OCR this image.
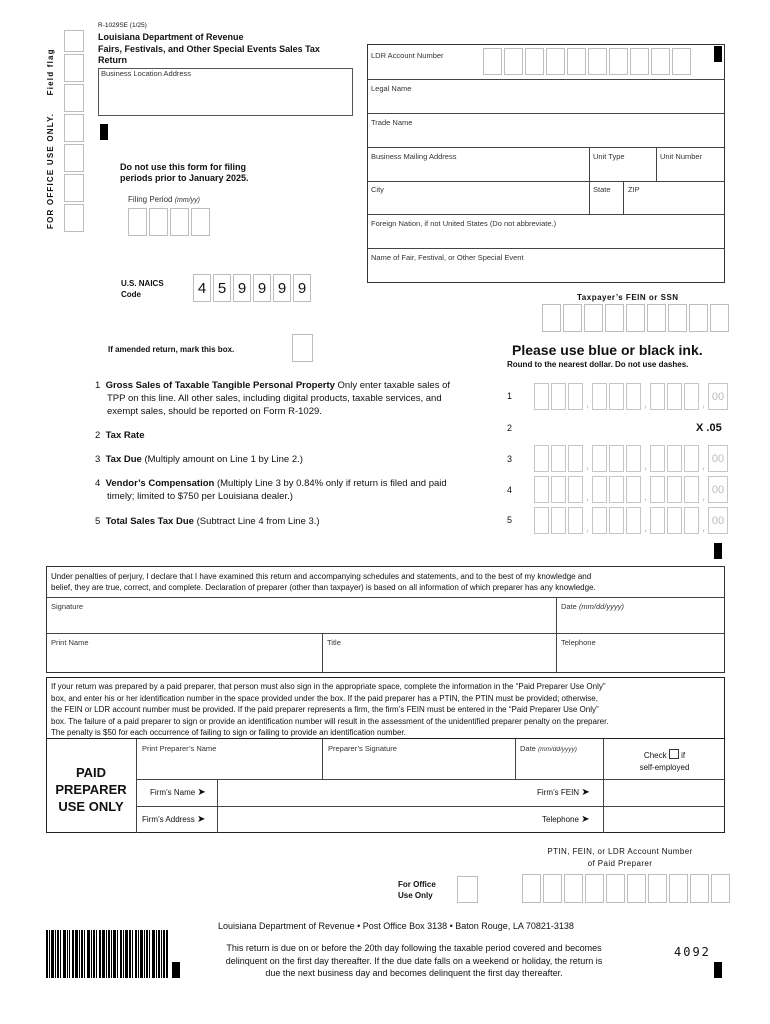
FOR OFFICE USE ONLY. Field flag
R-1029SE (1/25)
Louisiana Department of Revenue
Fairs, Festivals, and Other Special Events Sales Tax
Return
Business Location Address
Do not use this form for filing
periods prior to January 2025.
Filing Period (mm/yy)
LDR Account Number
Legal Name
Trade Name
Business Mailing Address	Unit Type	Unit Number
City	State ZIP
Foreign Nation, if not United States (Do not abbreviate.)
Name of Fair, Festival, or Other Special Event
U.S. NAICS
Code	4 5 9 9 9 9
Taxpayer’s FEIN or SSN
If amended return, mark this box.	Please use blue or black ink.
Round to the nearest dollar. Do not use dashes.
1 Gross Sales of Taxable Tangible Personal Property Only enter taxable sales of
TPP on this line. All other sales, including digital products, taxable services, and
exempt sales, should be reported on Form R-1029.
1	,	,	, 00
2 Tax Rate
2	X .05
3 Tax Due (Multiply amount on Line 1 by Line 2.)	3	,	,	, 00
4 Vendor’s Compensation (Multiply Line 3 by 0.84% only if return is filed and paid
timely; limited to $750 per Louisiana dealer.)
4	,	,	, 00
5 Total Sales Tax Due (Subtract Line 4 from Line 3.)	5	,	,	, 00
Under penalties of perjury, I declare that I have examined this return and accompanying schedules and statements, and to the best of my knowledge and
belief, they are true, correct, and complete. Declaration of preparer (other than taxpayer) is based on all information of which preparer has any knowledge.
Signature	Date (mm/dd/yyyy)
Print Name	Title	Telephone
If your return was prepared by a paid preparer, that person must also sign in the appropriate space, complete the information in the “Paid Preparer Use Only”
box, and enter his or her identification number in the space provided under the box. If the paid preparer has a PTIN, the PTIN must be provided; otherwise,
the FEIN or LDR account number must be provided. If the paid preparer represents a firm, the firm’s FEIN must be entered in the “Paid Preparer Use Only”
box. The failure of a paid preparer to sign or provide an identification number will result in the assessment of the unidentified preparer penalty on the preparer.
The penalty is $50 for each occurrence of failing to sign or failing to provide an identification number.
PAID
PREPARER
USE ONLY
Print Preparer’s Name	Preparer’s Signature	Date (mm/dd/yyyy)
Check if
self-employed
Firm’s Name ➤	Firm’s FEIN ➤
Firm’s Address ➤	Telephone ➤
PTIN, FEIN, or LDR Account Number
of Paid Preparer
For Office
Use Only
Louisiana Department of Revenue • Post Office Box 3138 • Baton Rouge, LA 70821-3138
This return is due on or before the 20th day following the taxable period covered and becomes
delinquent on the first day thereafter. If the due date falls on a weekend or holiday, the return is
due the next business day and becomes delinquent the first day thereafter.
4092
